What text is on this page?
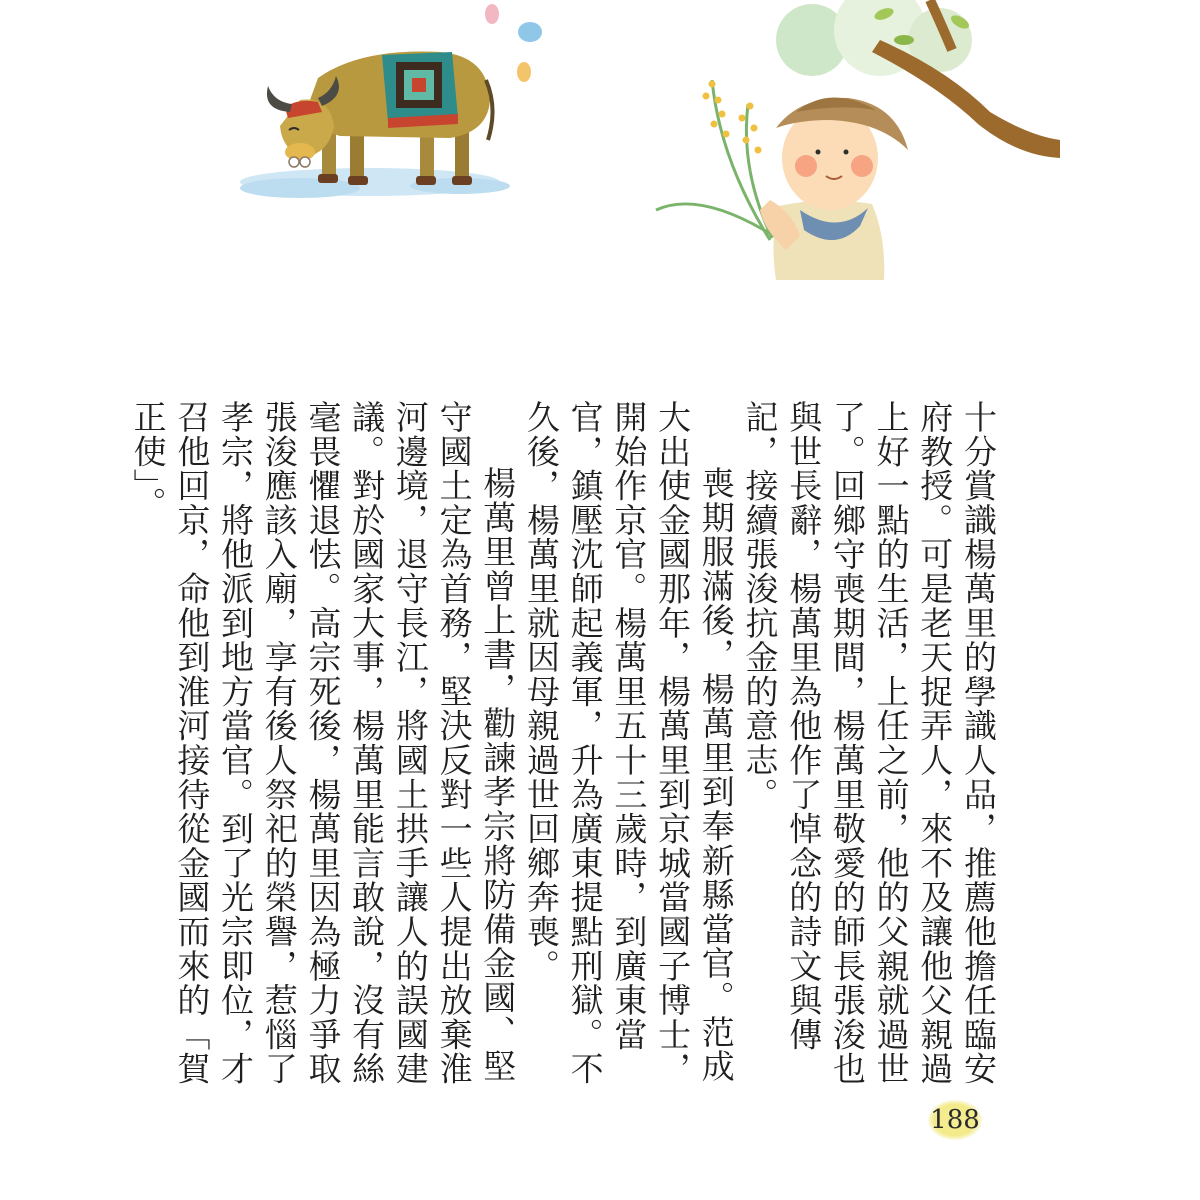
十分賞識楊萬里的學識人品，推薦他擔任臨安府教授。可是老天捉弄人，來不及讓他父親過上好一點的生活，上任之前，他的父親就過世了。回鄉守喪期間，楊萬里敬愛的師長張浚也與世長辭，楊萬里為他作了悼念的詩文與傳記，接續張浚抗金的意志。

喪期服滿後，楊萬里到奉新縣當官。范成大出使金國那年，楊萬里到京城當國子博士，開始作京官。楊萬里五十三歲時，到廣東當官，鎮壓沈師起義軍，升為廣東提點刑獄。不久後，楊萬里就因母親過世回鄉奔喪。

楊萬里曾上書，勸諫孝宗將防備金國、堅守國土定為首務，堅決反對一些人提出放棄淮河邊境，退守長江，將國土拱手讓人的誤國建議。對於國家大事，楊萬里能言敢說，沒有絲毫畏懼退怯。高宗死後，楊萬里因為極力爭取張浚應該入廟，享有後人祭祀的榮譽，惹惱了孝宗，將他派到地方當官。到了光宗即位，才召他回京，命他到淮河接待從金國而來的「賀正使」。

188
